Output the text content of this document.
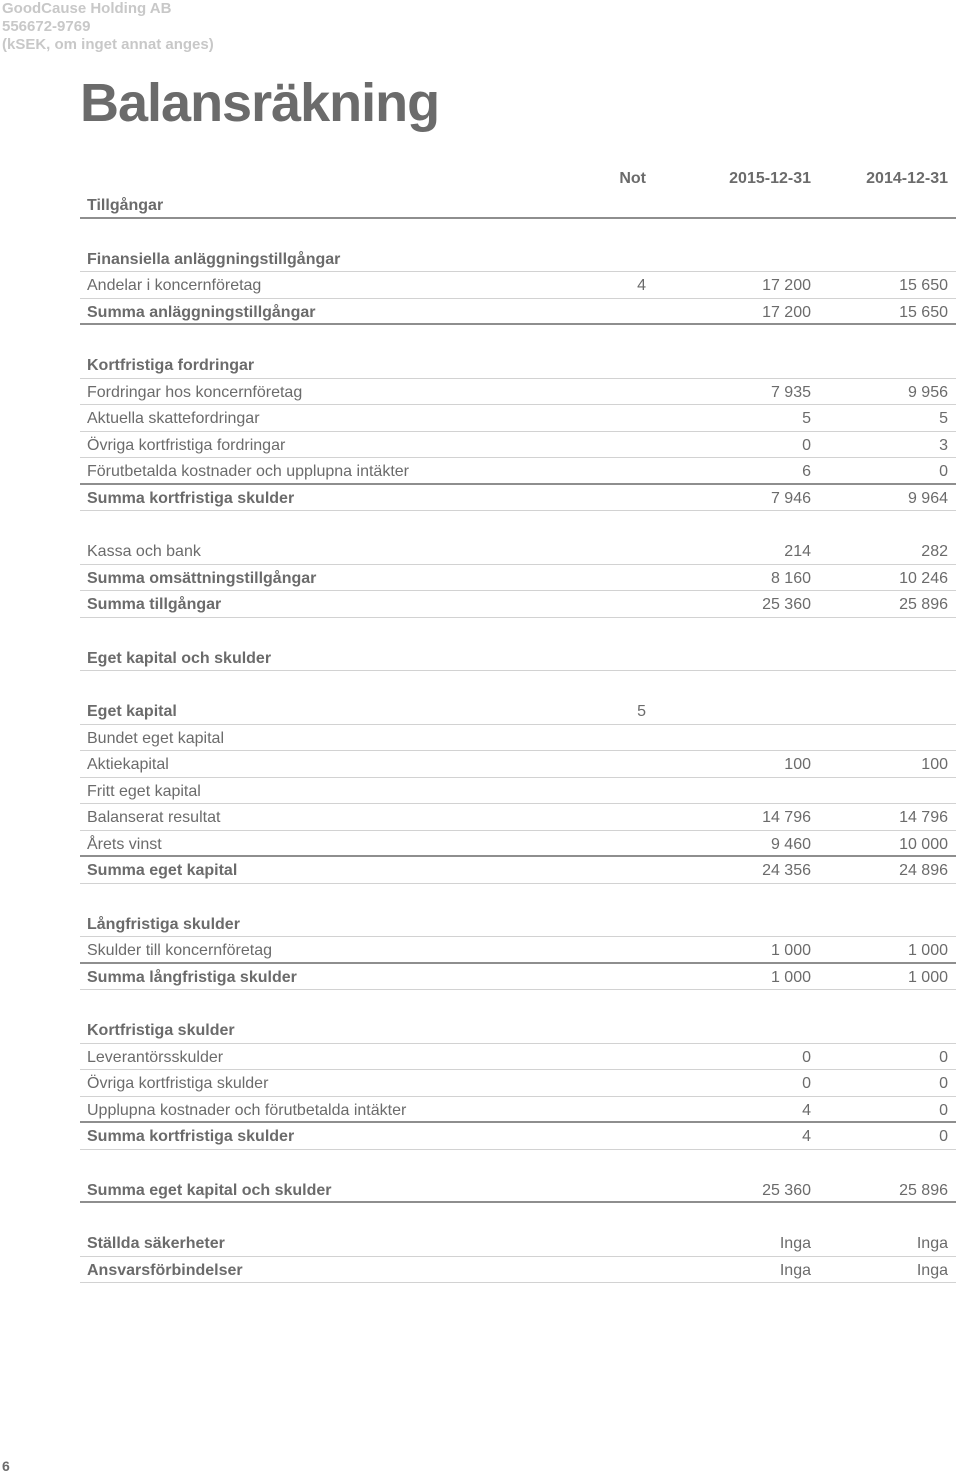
GoodCause Holding AB
556672-9769
(kSEK, om inget annat anges)
Balansräkning
Not	2015-12-31	2014-12-31
Tillgångar
Finansiella anläggningstillgångar
Andelar i koncernföretag	4	17 200	15 650
Summa anläggningstillgångar	17 200	15 650
Kortfristiga fordringar
Fordringar hos koncernföretag	7 935	9 956
Aktuella skattefordringar	5	5
Övriga kortfristiga fordringar	0	3
Förutbetalda kostnader och upplupna intäkter	6	0
Summa kortfristiga skulder	7 946	9 964
Kassa och bank	214	282
Summa omsättningstillgångar	8 160	10 246
Summa tillgångar	25 360	25 896
Eget kapital och skulder
Eget kapital	5
Bundet eget kapital
Aktiekapital	100	100
Fritt eget kapital
Balanserat resultat	14 796	14 796
Årets vinst	9 460	10 000
Summa eget kapital	24 356	24 896
Långfristiga skulder
Skulder till koncernföretag	1 000	1 000
Summa långfristiga skulder	1 000	1 000
Kortfristiga skulder
Leverantörsskulder	0	0
Övriga kortfristiga skulder	0	0
Upplupna kostnader och förutbetalda intäkter	4	0
Summa kortfristiga skulder	4	0
Summa eget kapital och skulder	25 360	25 896
Ställda säkerheter	Inga	Inga
Ansvarsförbindelser	Inga	Inga
6
